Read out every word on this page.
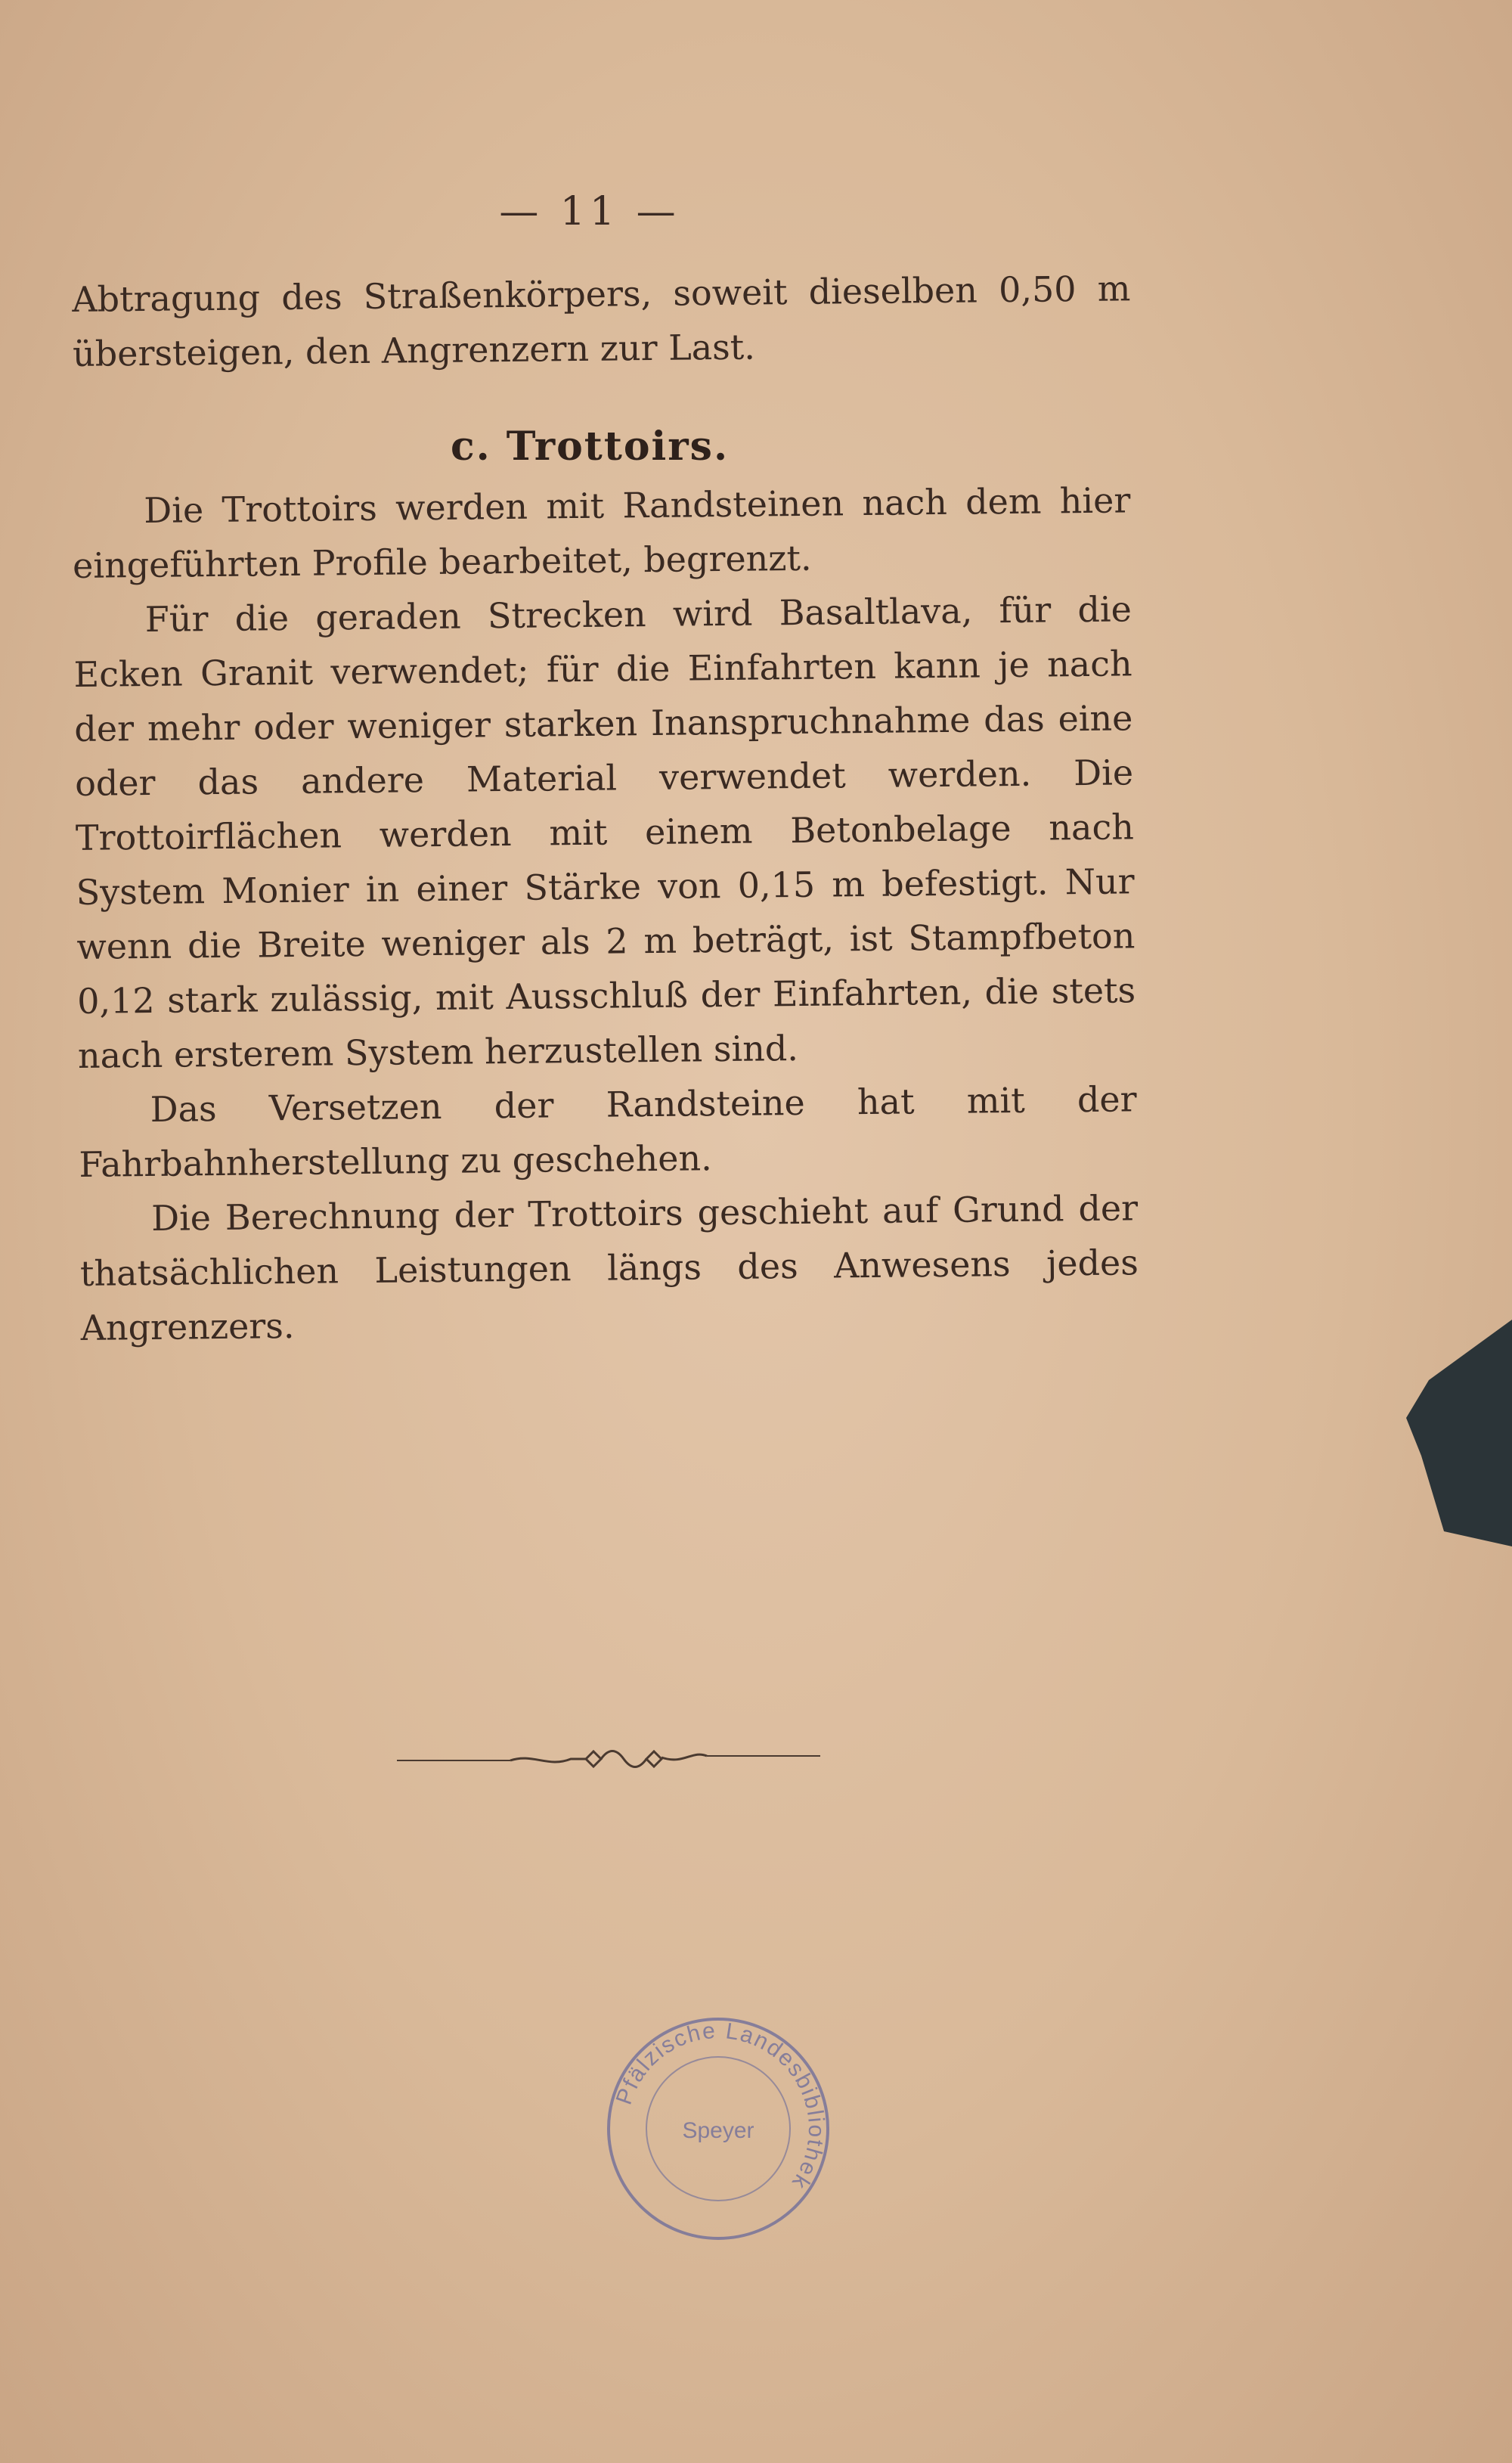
— 11 —

Abtragung des Straßenkörpers, soweit dieselben 0,50 m übersteigen, den Angrenzern zur Last.

c. Trottoirs.

Die Trottoirs werden mit Randsteinen nach dem hier eingeführten Profile bearbeitet, begrenzt.

Für die geraden Strecken wird Basaltlava, für die Ecken Granit verwendet; für die Einfahrten kann je nach der mehr oder weniger starken Inanspruchnahme das eine oder das andere Material verwendet werden. Die Trottoirflächen werden mit einem Betonbelage nach System Monier in einer Stärke von 0,15 m befestigt. Nur wenn die Breite weniger als 2 m beträgt, ist Stampfbeton 0,12 stark zulässig, mit Ausschluß der Einfahrten, die stets nach ersterem System herzustellen sind.

Das Versetzen der Randsteine hat mit der Fahrbahnherstellung zu geschehen.

Die Berechnung der Trottoirs geschieht auf Grund der thatsächlichen Leistungen längs des Anwesens jedes Angrenzers.

Pfälzische Landesbibliothek
Speyer
